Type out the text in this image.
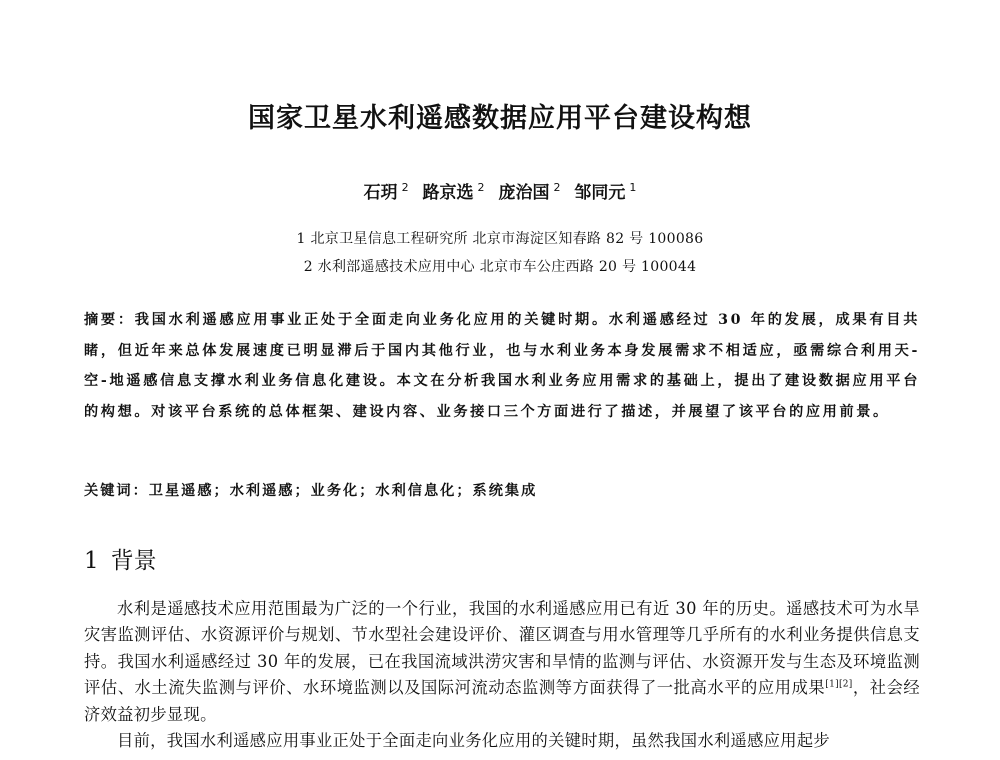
国家卫星水利遥感数据应用平台建设构想
石玥 $^2$ 路京选 $^2$ 庞治国 $^2$ 邹同元 $^1$
1 北京卫星信息工程研究所 北京市海淀区知春路 82 号 100086
2 水利部遥感技术应用中心 北京市车公庄西路 20 号 100044
摘要：我国水利遥感应用事业正处于全面走向业务化应用的关键时期。水利遥感经过 30 年的发展，成果有目共睹，但近年来总体发展速度已明显滞后于国内其他行业，也与水利业务本身发展需求不相适应，亟需综合利用天-空-地遥感信息支撑水利业务信息化建设。本文在分析我国水利业务应用需求的基础上，提出了建设数据应用平台的构想。对该平台系统的总体框架、建设内容、业务接口三个方面进行了描述，并展望了该平台的应用前景。
关键词：卫星遥感；水利遥感；业务化；水利信息化；系统集成
1 背景

水利是遥感技术应用范围最为广泛的一个行业，我国的水利遥感应用已有近 30 年的历史。遥感技术可为水旱灾害监测评估、水资源评价与规划、节水型社会建设评价、灌区调查与用水管理等几乎所有的水利业务提供信息支持。我国水利遥感经过 30 年的发展，已在我国流域洪涝灾害和旱情的监测与评估、水资源开发与生态及环境监测评估、水土流失监测与评价、水环境监测以及国际河流动态监测等方面获得了一批高水平的应用成果[1][2]，社会经济效益初步显现。

目前，我国水利遥感应用事业正处于全面走向业务化应用的关键时期，虽然我国水利遥感应用起步
